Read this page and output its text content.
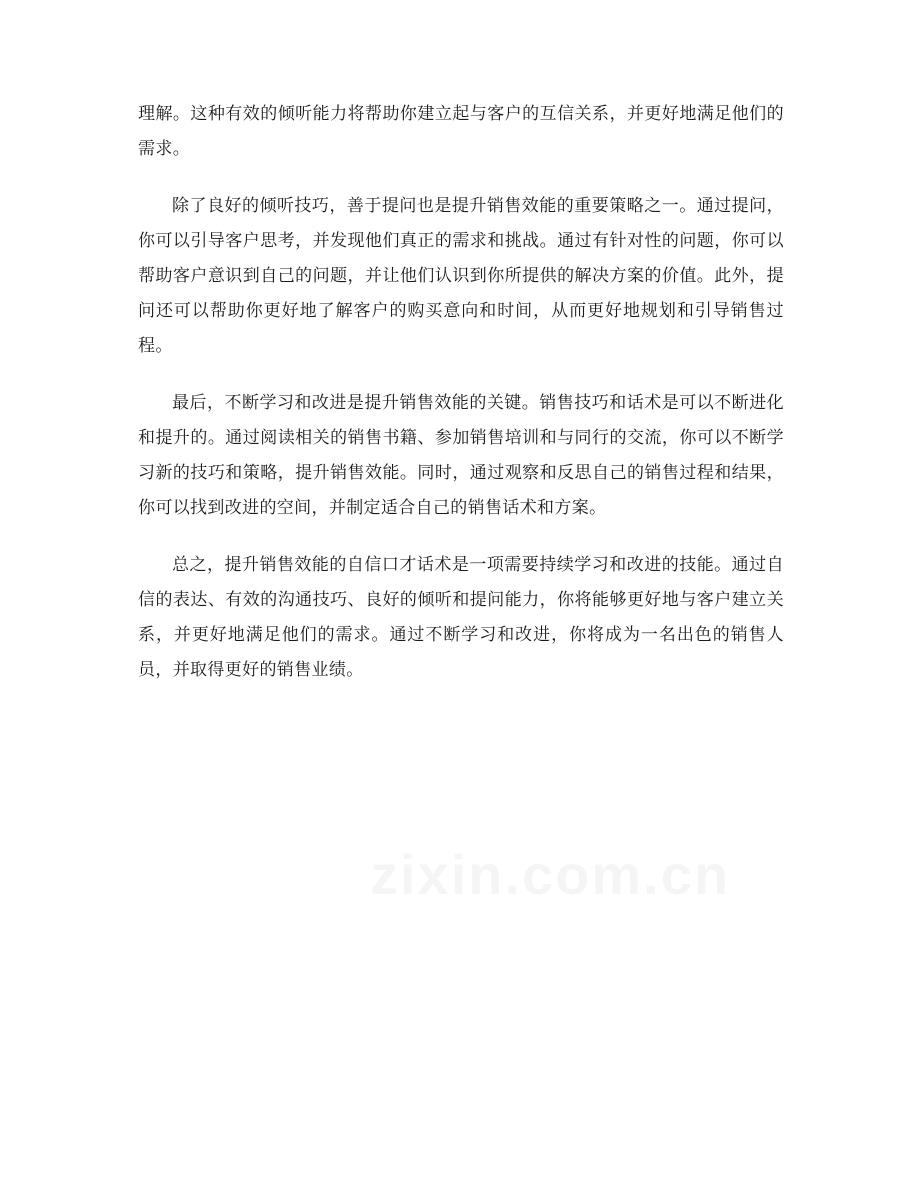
理解。这种有效的倾听能力将帮助你建立起与客户的互信关系，并更好地满足他们的需求。

除了良好的倾听技巧，善于提问也是提升销售效能的重要策略之一。通过提问，你可以引导客户思考，并发现他们真正的需求和挑战。通过有针对性的问题，你可以帮助客户意识到自己的问题，并让他们认识到你所提供的解决方案的价值。此外，提问还可以帮助你更好地了解客户的购买意向和时间，从而更好地规划和引导销售过程。

最后，不断学习和改进是提升销售效能的关键。销售技巧和话术是可以不断进化和提升的。通过阅读相关的销售书籍、参加销售培训和与同行的交流，你可以不断学习新的技巧和策略，提升销售效能。同时，通过观察和反思自己的销售过程和结果，你可以找到改进的空间，并制定适合自己的销售话术和方案。

总之，提升销售效能的自信口才话术是一项需要持续学习和改进的技能。通过自信的表达、有效的沟通技巧、良好的倾听和提问能力，你将能够更好地与客户建立关系，并更好地满足他们的需求。通过不断学习和改进，你将成为一名出色的销售人员，并取得更好的销售业绩。
